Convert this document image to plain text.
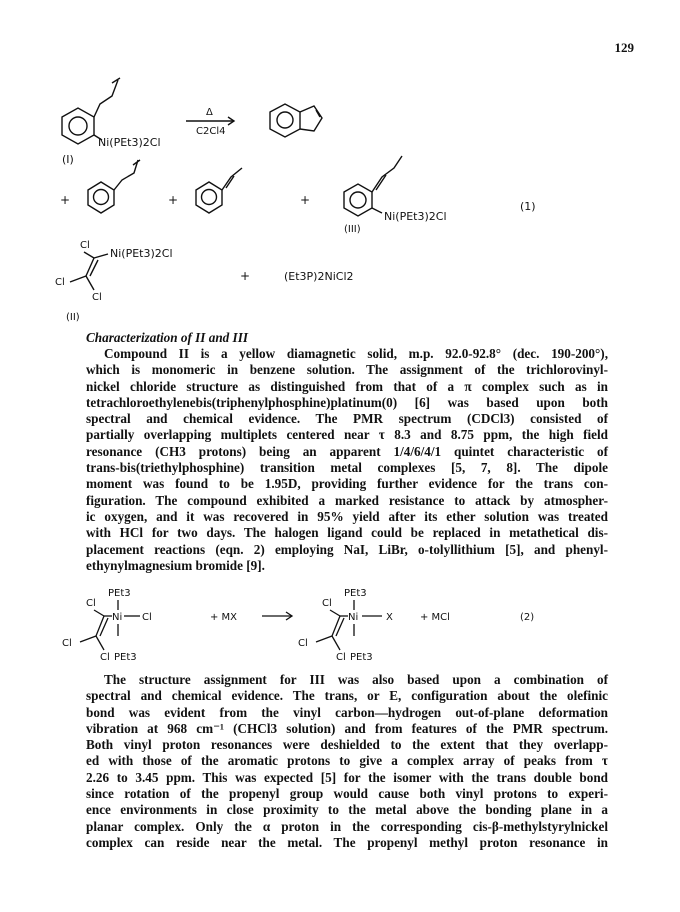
129
Ni(PEt3)2Cl
(I)
Δ
C2Cl4
+	+	+
Ni(PEt3)2Cl
(III)
(1)
Cl
Ni(PEt3)2Cl
Cl
Cl
(II)
+	(Et3P)2NiCl2
Characterization of II and III
Compound II is a yellow diamagnetic solid, m.p. 92.0-92.8° (dec. 190-200°),
which is monomeric in benzene solution. The assignment of the trichlorovinyl-
nickel chloride structure as distinguished from that of a π complex such as in
tetrachloroethylenebis(triphenylphosphine)platinum(0) [6] was based upon both
spectral and chemical evidence. The PMR spectrum (CDCl3) consisted of
partially overlapping multiplets centered near τ 8.3 and 8.75 ppm, the high field
resonance (CH3 protons) being an apparent 1/4/6/4/1 quintet characteristic of
trans-bis(triethylphosphine) transition metal complexes [5, 7, 8]. The dipole
moment was found to be 1.95D, providing further evidence for the trans con-
figuration. The compound exhibited a marked resistance to attack by atmospher-
ic oxygen, and it was recovered in 95% yield after its ether solution was treated
with HCl for two days. The halogen ligand could be replaced in metathetical dis-
placement reactions (eqn. 2) employing NaI, LiBr, o-tolyllithium [5], and phenyl-
ethynylmagnesium bromide [9].
PEt3
Ni Cl
Cl
Cl
Cl PEt3
+ MX
PEt3
Ni	X
Cl
Cl
Cl PEt3
+ MCl	(2)
The structure assignment for III was also based upon a combination of
spectral and chemical evidence. The trans, or E, configuration about the olefinic
bond was evident from the vinyl carbon—hydrogen out-of-plane deformation
vibration at 968 cm⁻¹ (CHCl3 solution) and from features of the PMR spectrum.
Both vinyl proton resonances were deshielded to the extent that they overlapp-
ed with those of the aromatic protons to give a complex array of peaks from τ
2.26 to 3.45 ppm. This was expected [5] for the isomer with the trans double bond
since rotation of the propenyl group would cause both vinyl protons to experi-
ence environments in close proximity to the metal above the bonding plane in a
planar complex. Only the α proton in the corresponding cis-β-methylstyrylnickel
complex can reside near the metal. The propenyl methyl proton resonance in
